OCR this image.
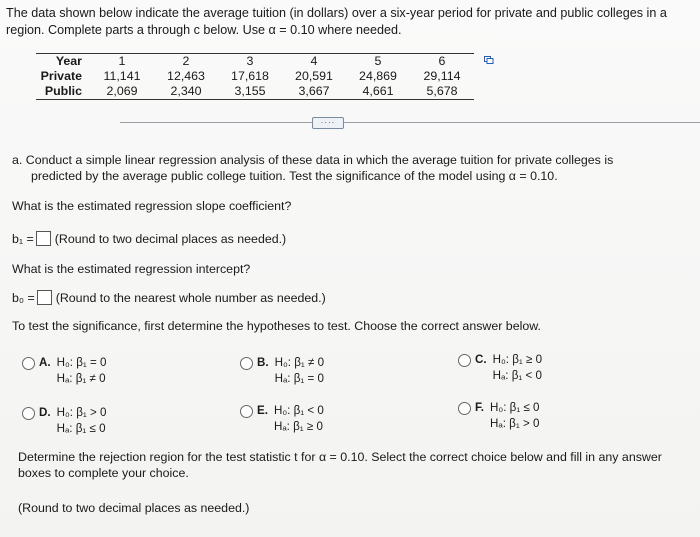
The data shown below indicate the average tuition (in dollars) over a six-year period for private and public colleges in a region. Complete parts a through c below. Use α = 0.10 where needed.
Year	1	2	3	4	5	6
Private	11,141	12,463	17,618	20,591	24,869	29,114
Public	2,069	2,340	3,155	3,667	4,661	5,678
····
a. Conduct a simple linear regression analysis of these data in which the average tuition for private colleges is
predicted by the average public college tuition. Test the significance of the model using α = 0.10.
What is the estimated regression slope coefficient?
b₁ = (Round to two decimal places as needed.)
What is the estimated regression intercept?
b₀ = (Round to the nearest whole number as needed.)
To test the significance, first determine the hypotheses to test. Choose the correct answer below.
A. H₀: β₁ = 0
Hₐ: β₁ ≠ 0
B. H₀: β₁ ≠ 0
Hₐ: β₁ = 0
C. H₀: β₁ ≥ 0
Hₐ: β₁ < 0
D. H₀: β₁ > 0
Hₐ: β₁ ≤ 0
E. H₀: β₁ < 0
Hₐ: β₁ ≥ 0
F. H₀: β₁ ≤ 0
Hₐ: β₁ > 0
Determine the rejection region for the test statistic t for α = 0.10. Select the correct choice below and fill in any answer
boxes to complete your choice.
(Round to two decimal places as needed.)
